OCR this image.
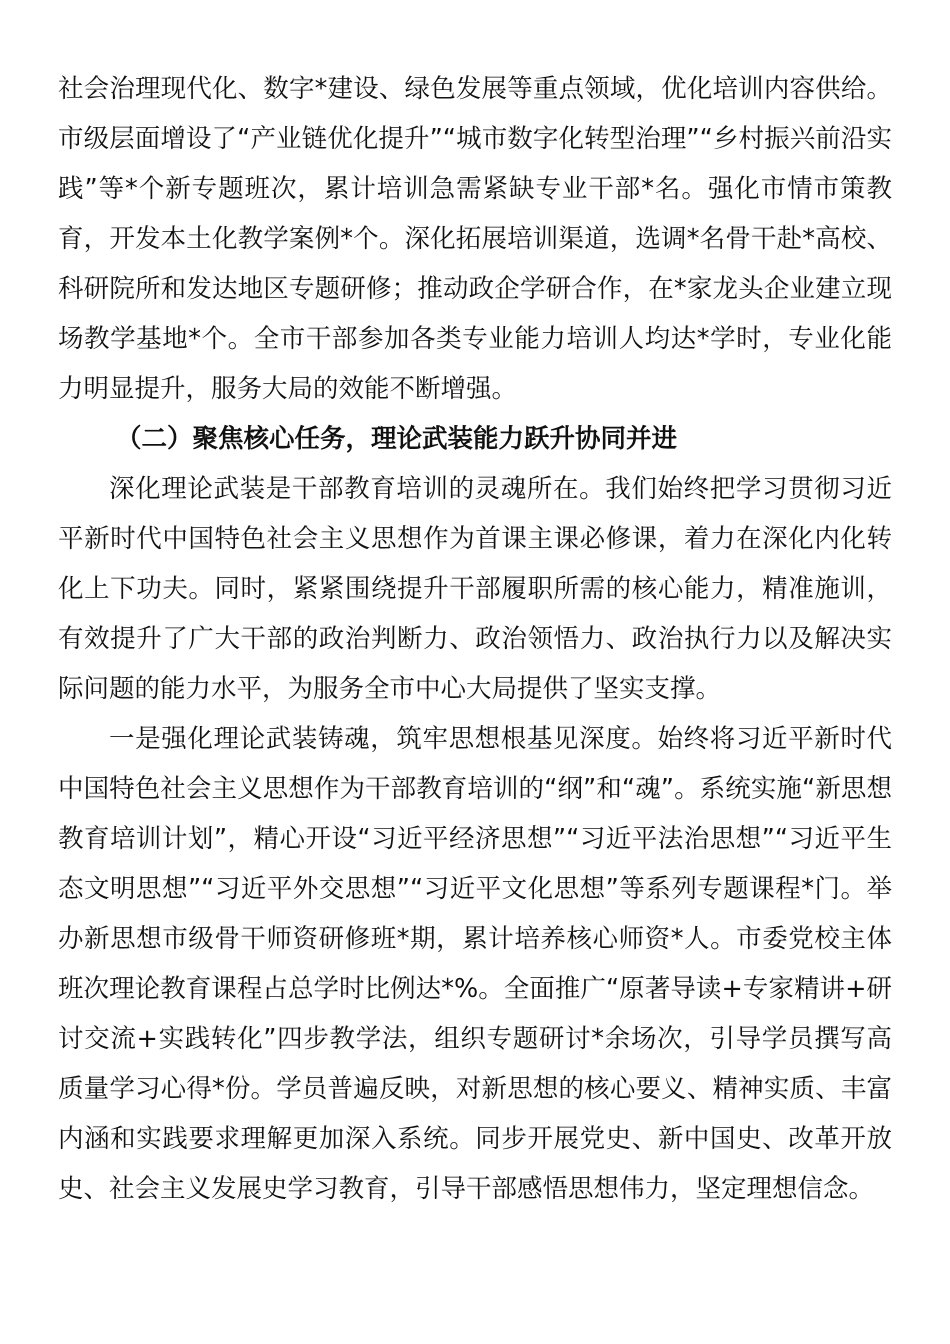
社会治理现代化、数字*建设、绿色发展等重点领域，优化培训内容供给。市级层面增设了“产业链优化提升”“城市数字化转型治理”“乡村振兴前沿实践”等*个新专题班次，累计培训急需紧缺专业干部*名。强化市情市策教育，开发本土化教学案例*个。深化拓展培训渠道，选调*名骨干赴*高校、科研院所和发达地区专题研修；推动政企学研合作，在*家龙头企业建立现场教学基地*个。全市干部参加各类专业能力培训人均达*学时，专业化能力明显提升，服务大局的效能不断增强。

（二）聚焦核心任务，理论武装能力跃升协同并进

深化理论武装是干部教育培训的灵魂所在。我们始终把学习贯彻习近平新时代中国特色社会主义思想作为首课主课必修课，着力在深化内化转化上下功夫。同时，紧紧围绕提升干部履职所需的核心能力，精准施训，有效提升了广大干部的政治判断力、政治领悟力、政治执行力以及解决实际问题的能力水平，为服务全市中心大局提供了坚实支撑。

一是强化理论武装铸魂，筑牢思想根基见深度。始终将习近平新时代中国特色社会主义思想作为干部教育培训的“纲”和“魂”。系统实施“新思想教育培训计划”，精心开设“习近平经济思想”“习近平法治思想”“习近平生态文明思想”“习近平外交思想”“习近平文化思想”等系列专题课程*门。举办新思想市级骨干师资研修班*期，累计培养核心师资*人。市委党校主体班次理论教育课程占总学时比例达*%。全面推广“原著导读+专家精讲+研讨交流+实践转化”四步教学法，组织专题研讨*余场次，引导学员撰写高质量学习心得*份。学员普遍反映，对新思想的核心要义、精神实质、丰富内涵和实践要求理解更加深入系统。同步开展党史、新中国史、改革开放史、社会主义发展史学习教育，引导干部感悟思想伟力，坚定理想信念。
